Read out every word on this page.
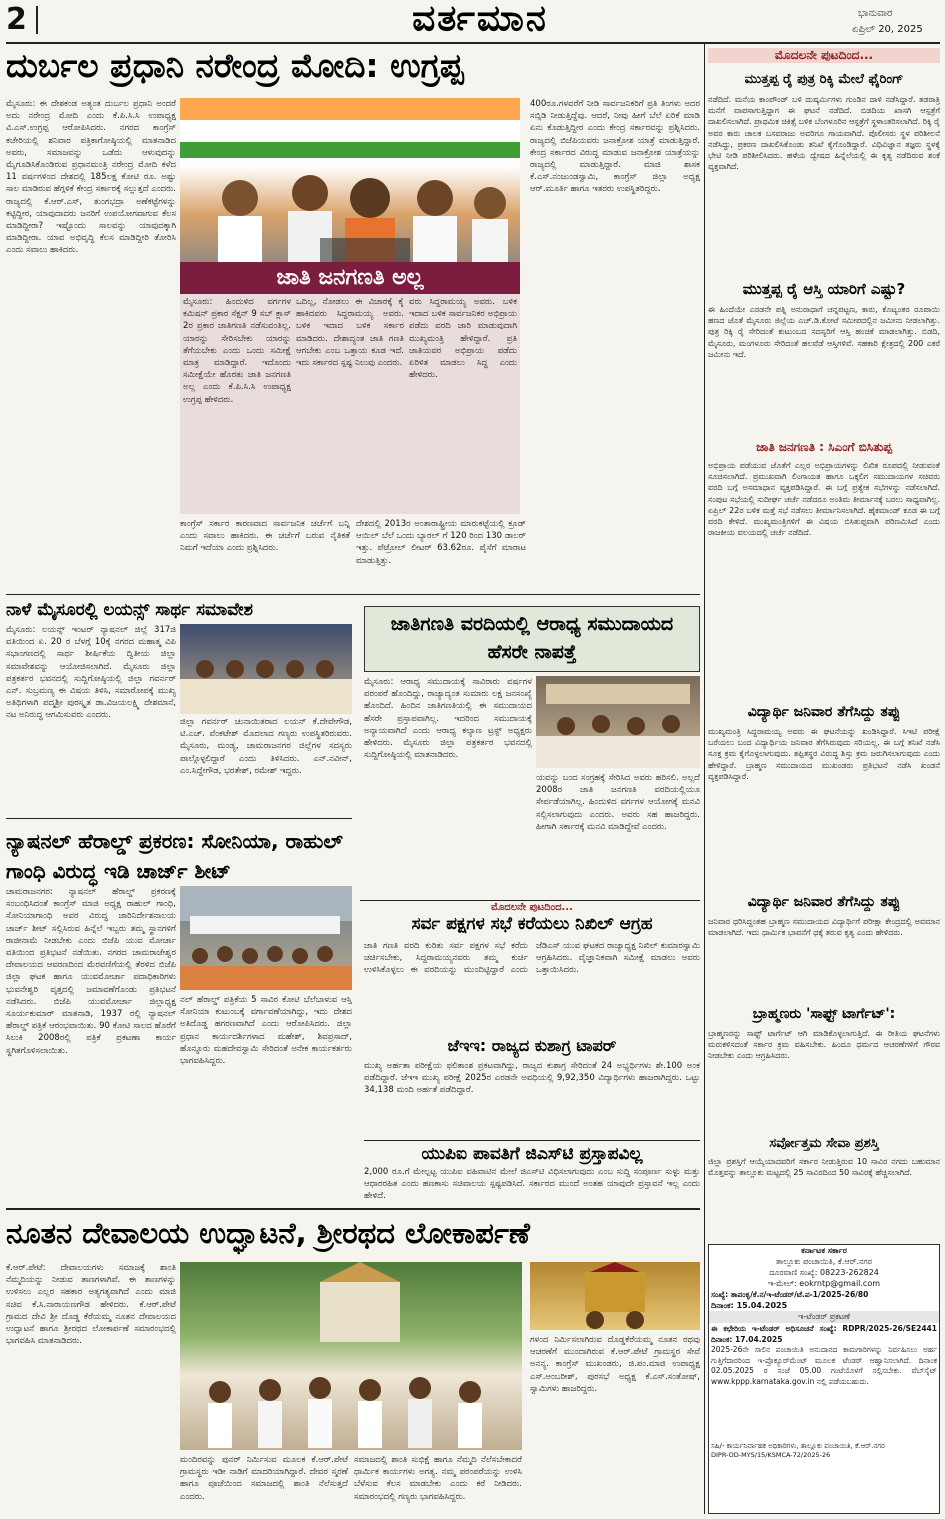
2	ವರ್ತಮಾನ	ಭಾನುವಾರ
ಏಪ್ರಿಲ್ 20, 2025
ದುರ್ಬಲ ಪ್ರಧಾನಿ ನರೇಂದ್ರ ಮೋದಿ: ಉಗ್ರಪ್ಪ
ಮೈಸೂರು: ಈ ದೇಶಕಂಡ ಅತ್ಯಂತ ದುರ್ಬಲ ಪ್ರಧಾನಿ ಅಂದರೆ ಅದು ನರೇಂದ್ರ ಮೋದಿ ಎಂದು ಕೆ.ಪಿ.ಸಿ.ಸಿ ಉಪಾಧ್ಯಕ್ಷ ವಿ.ಎಸ್.ಉಗ್ರಪ್ಪ ಆರೋಪಿಸಿದರು. ನಗರದ ಕಾಂಗ್ರೆಸ್ ಕಚೇರಿಯಲ್ಲಿ ಶನಿವಾರ ಪತ್ರಿಕಾಗೋಷ್ಠಿಯಲ್ಲಿ ಮಾತನಾಡಿದ ಅವರು, ಸಮಾಜವನ್ನು ಒಡೆದು ಆಳುವುದನ್ನು ಮೈಗೂಡಿಸಿಕೊಂಡಿರುವ ಪ್ರಧಾನಮಂತ್ರಿ ನರೇಂದ್ರ ಮೋದಿ ಕಳೆದ 11 ವರ್ಷಗಳಿಂದ ದೇಶದಲ್ಲಿ 185ಲಕ್ಷ ಕೋಟಿ ರೂ. ಅಷ್ಟು ಸಾಲ ಮಾಡಿರುವ ಹೆಗ್ಗಳಿಕೆ ಕೇಂದ್ರ ಸರ್ಕಾರಕ್ಕೆ ಸಲ್ಲುತ್ತದೆ ಎಂದರು. ರಾಜ್ಯದಲ್ಲಿ ಕೆ.ಆರ್.ಎಸ್, ತುಂಗಭದ್ರಾ ಅಣೆಕಟ್ಟೆಗಳನ್ನು ಕಟ್ಟಿದ್ದೀರ, ಯಾವುದಾದರು ಜನರಿಗೆ ಉಪಯೋಗವಾಗುವ ಕೆಲಸ ಮಾಡಿದ್ದೀರಾ? ಇಷ್ಟೊಂದು ಸಾಲವನ್ನು ಯಾವುದಕ್ಕಾಗಿ ಮಾಡಿದ್ದೀರಾ. ಯಾವ ಅಭಿವೃದ್ಧಿ ಕೆಲಸ ಮಾಡಿದ್ದೀರಿ ತೋರಿಸಿ ಎಂದು ಸವಾಲು ಹಾಕಿದರು.
ಜಾತಿ ಜನಗಣತಿ ಅಲ್ಲ
ಮೈಸೂರು: ಹಿಂದುಳಿದ ವರ್ಗಗಳ ಕಮಿಷನ್ ಪ್ರಕಾರ ಸೆಕ್ಷನ್ 9 ಸಬ್ ಕ್ಲಾಸ್ 2ರ ಪ್ರಕಾರ ಜಾತಿಗಣತಿ ನಡೆಸುವಂತಿಲ್ಲ. ಯಾರನ್ನು ಸೇರಿಸಬೇಕು ಯಾರನ್ನು ತೆಗೆಯಬೇಕು ಎಂದು ಒಂದು ಸಮೀಕ್ಷೆ ಮಾತ್ರ ಮಾಡಿದ್ದಾರೆ. ಇದೊಂದು ಸಮೀಕ್ಷೆಯೇ ಹೊರತು ಜಾತಿ ಜನಗಣತಿ ಅಲ್ಲ ಎಂದು ಕೆ.ಪಿ.ಸಿ.ಸಿ ಉಪಾಧ್ಯಕ್ಷ ಉಗ್ರಪ್ಪ ಹೇಳಿದರು.
ಒದಿಲ್ಲ, ನೋಡಲು ಈ ವಿಚಾರಕ್ಕೆ ಕೈ ಹಾಕಿದವರು ಸಿದ್ದರಾಮಯ್ಯ ಅವರು. ಬಳಿಕ ಇದಾದ ಬಳಿಕ ಸರ್ಕಾರ ಮಾಡಿದರು. ದೇಶಾದ್ಯಂತ ಜಾತಿ ಗಣತಿ ಆಗಬೇಕು ಎಂಬ ಒತ್ತಾಯ ಕೂಡ ಇದೆ. ಇದು ಸರ್ಕಾರದ ಸ್ಪಷ್ಟ ನಿಲುವು ಎಂದರು.
ವರು ಸಿದ್ದರಾಮಯ್ಯ ಅವರು. ಬಳಿಕ ಇದಾದ ಬಳಿಕ ಸಾರ್ವಜನಿಕರ ಅಭಿಪ್ರಾಯ ಪಡೆದು ವರದಿ ಜಾರಿ ಮಾಡುವುದಾಗಿ ಮುಖ್ಯಮಂತ್ರಿ ಹೇಳಿದ್ದಾರೆ. ಪ್ರತಿ ಜಾತಿಯವರ ಅಭಿಪ್ರಾಯ ಪಡೆದು ಏರಿಳಿತ ಮಾಡಲು ಸಿದ್ಧ ಎಂದು ಹೇಳಿದರು.
ಕಾಂಗ್ರೆಸ್ ಸರ್ಕಾರ ಕಾರಣವಾದ ಸಾರ್ವಜನಿಕ ಚರ್ಚೆಗೆ ಬನ್ನಿ ಎಂದು ಸವಾಲು ಹಾಕಿದರು. ಈ ಚರ್ಚೆಗೆ ಬರುವ ನೈತಿಕತೆ ನಿಮಗೆ ಇದೆಯಾ ಎಂದು ಪ್ರಶ್ನಿಸಿದರು.
ದೇಶದಲ್ಲಿ 2013ರ ಅಂತಾರಾಷ್ಟ್ರೀಯ ಮಾರುಕಟ್ಟೆಯಲ್ಲಿ ಕ್ರೂಡ್ ಆಯಿಲ್ ಬೆಲೆ ಒಂದು ಬ್ಯಾರಲ್ ಗೆ 120 ರಿಂದ 130 ಡಾಲರ್ ಇತ್ತು. ಪೆಟ್ರೋಲ್ ಲೀಟರ್ 63.62ರೂ. ಪೈಸೆಗೆ ಮಾರಾಟ ಮಾಡುತ್ತಿತ್ತು.
400ರೂ.ಗಳವರೆಗೆ ನೀಡಿ ಸಾರ್ವಜನಿಕರಿಗೆ ಪ್ರತಿ ತಿಂಗಳು ಅದರ ಸಬ್ಸಿಡಿ ನೀಡುತ್ತಿದ್ದೆವು. ಆದರೆ, ನೀವು ಹೀಗೆ ಬೆಲೆ ಏರಿಕೆ ಮಾಡಿ ಏನು ಕೊಡುತ್ತಿದ್ದೀರ ಎಂದು ಕೇಂದ್ರ ಸರ್ಕಾರವನ್ನು ಪ್ರಶ್ನಿಸಿದರು. ರಾಜ್ಯದಲ್ಲಿ ಬಿಜೆಪಿಯವರು ಜನಾಕ್ರೋಶ ಯಾತ್ರೆ ಮಾಡುತ್ತಿದ್ದಾರೆ. ಕೇಂದ್ರ ಸರ್ಕಾರದ ವಿರುದ್ಧ ಮಾಡುವ ಜನಾಕ್ರೋಶ ಯಾತ್ರೆಯನ್ನು ರಾಜ್ಯದಲ್ಲಿ ಮಾಡುತ್ತಿದ್ದಾರೆ. ಮಾಜಿ ಶಾಸಕ ಕೆ.ಎಸ್.ನಂಜುಂಡಸ್ವಾಮಿ, ಕಾಂಗ್ರೆಸ್ ಜಿಲ್ಲಾ ಅಧ್ಯಕ್ಷ ಆರ್.ಮೂರ್ತಿ ಹಾಗೂ ಇತರರು ಉಪಸ್ಥಿತರಿದ್ದರು.
ನಾಳೆ ಮೈಸೂರಲ್ಲಿ ಲಯನ್ಸ್ ಸಾರ್ಥ ಸಮಾವೇಶ
ಮೈಸೂರು: ಲಯನ್ಸ್ ಇಂಟರ್ ನ್ಯಾಷನಲ್ ಜಿಲ್ಲೆ 317ಜಿ ವತಿಯಿಂದ ಏ. 20 ರ ಬೆಳಗ್ಗೆ 10ಕ್ಕೆ ನಗರದ ಮಹಾತ್ಮ ವಿಪಿ ಸಭಾಂಗಣದಲ್ಲಿ ಸಾರ್ಥ ಶೀರ್ಷಿಕೆಯ ದ್ವಿತೀಯ ಜಿಲ್ಲಾ ಸಮಾವೇಶವನ್ನು ಆಯೋಜಿಸಲಾಗಿದೆ. ಮೈಸೂರು ಜಿಲ್ಲಾ ಪತ್ರಕರ್ತರ ಭವನದಲ್ಲಿ ಸುದ್ದಿಗೋಷ್ಠಿಯಲ್ಲಿ ಜಿಲ್ಲಾ ಗವರ್ನರ್ ಎನ್. ಸುಬ್ರಮಣ್ಯ ಈ ವಿಷಯ ತಿಳಿಸಿ, ಸಮಾರೋಪಕ್ಕೆ ಮುಖ್ಯ ಅತಿಥಿಗಳಾಗಿ ಪದ್ಮಶ್ರೀ ಪುರಸ್ಕೃತ ಡಾ.ವಿಜಯಲಕ್ಷ್ಮಿ ದೇಶಮಾನೆ, ನಟ ಅನಿರುದ್ಧ ಆಗಮಿಸುವರು ಎಂದರು.
ಜಿಲ್ಲಾ ಗವರ್ನರ್ ಚುನಾಯಿತರಾದ ಲಯನ್ ಕೆ.ದೇವೇಗೌಡ, ಟಿ.ಎಚ್. ವೆಂಕಟೇಶ್ ಮೊದಲಾದ ಗಣ್ಯರು ಉಪಸ್ಥಿತರಿರುವರು. ಮೈಸೂರು, ಮಂಡ್ಯ, ಚಾಮರಾಜನಗರ ಜಿಲ್ಲೆಗಳ ಸದಸ್ಯರು ಪಾಲ್ಗೊಳ್ಳಲಿದ್ದಾರೆ ಎಂದು ತಿಳಿಸಿದರು. ಎನ್.ನವೀನ್, ಎಂ.ಸಿದ್ದೇಗೌಡ, ಭರತೇಶ್, ರಮೇಶ್ ಇದ್ದರು.
ಜಾತಿಗಣತಿ ವರದಿಯಲ್ಲಿ ಆರಾಧ್ಯ ಸಮುದಾಯದ ಹೆಸರೇ ನಾಪತ್ತೆ
ಮೈಸೂರು: ಆರಾಧ್ಯ ಸಮುದಾಯಕ್ಕೆ ಸಾವಿರಾರು ವರ್ಷಗಳ ಪರಂಪರೆ ಹೊಂದಿದ್ದು, ರಾಜ್ಯಾದ್ಯಂತ ಸುಮಾರು ಲಕ್ಷ ಜನಸಂಖ್ಯೆ ಹೊಂದಿದೆ. ಹಿಂದಿನ ಜಾತಿಗಣತಿಯಲ್ಲಿ ಈ ಸಮುದಾಯದ ಹೆಸರೇ ಪ್ರಸ್ತಾಪವಾಗಿಲ್ಲ. ಇದರಿಂದ ಸಮುದಾಯಕ್ಕೆ ಅನ್ಯಾಯವಾಗಿದೆ ಎಂದು ಆರಾಧ್ಯ ಕಲ್ಯಾಣ ಟ್ರಸ್ಟ್ ಅಧ್ಯಕ್ಷರು ಹೇಳಿದರು. ಮೈಸೂರು ಜಿಲ್ಲಾ ಪತ್ರಕರ್ತರ ಭವನದಲ್ಲಿ ಸುದ್ದಿಗೋಷ್ಠಿಯಲ್ಲಿ ಮಾತನಾಡಿದರು.
ಯವನ್ನು ಬಂದ ಸಂಗ್ರಹಕ್ಕೆ ಸೇರಿಸಿದ ಅವರು ಹರಿಸಲಿ. ಅಲ್ಲದೆ 2008ರ ಜಾತಿ ಜನಗಣತಿ ವರದಿಯಲ್ಲಿಯೂ ಸೇರ್ಪಡೆಯಾಗಿಲ್ಲ. ಹಿಂದುಳಿದ ವರ್ಗಗಳ ಆಯೋಗಕ್ಕೆ ಮನವಿ ಸಲ್ಲಿಸಲಾಗುವುದು ಎಂದರು. ಅವರು ಸಹ ಹಾಜರಿದ್ದರು. ಹೀಗಾಗಿ ಸರ್ಕಾರಕ್ಕೆ ಮನವಿ ಮಾಡಿದ್ದೇವೆ ಎಂದರು.
ನ್ಯಾಷನಲ್ ಹೆರಾಲ್ಡ್ ಪ್ರಕರಣ: ಸೋನಿಯಾ, ರಾಹುಲ್ ಗಾಂಧಿ ವಿರುದ್ಧ ಇಡಿ ಚಾರ್ಜ್ ಶೀಟ್
ಚಾಮರಾಜನಗರ: ನ್ಯಾಷನಲ್ ಹೆರಾಲ್ಡ್ ಪ್ರಕರಣಕ್ಕೆ ಸಂಬಂಧಿಸಿದಂತೆ ಕಾಂಗ್ರೆಸ್ ಮಾಜಿ ಅಧ್ಯಕ್ಷ ರಾಹುಲ್ ಗಾಂಧಿ, ಸೋನಿಯಾಗಾಂಧಿ ಅವರ ವಿರುದ್ಧ ಜಾರಿನಿರ್ದೇಶನಾಲಯ ಚಾರ್ಜ್ ಶೀಟ್ ಸಲ್ಲಿಸಿರುವ ಹಿನ್ನೆಲೆ ಇಬ್ಬರು ತಮ್ಮ ಸ್ಥಾನಗಳಿಗೆ ರಾಜೀನಾಮೆ ನೀಡಬೇಕು ಎಂದು ಬಿಜೆಪಿ ಯುವ ಮೋರ್ಚಾ ವತಿಯಿಂದ ಪ್ರತಿಭಟನೆ ನಡೆಯಿತು. ನಗರದ ಚಾಮರಾಜೇಶ್ವರ ದೇವಾಲಯದ ಆವರಣದಿಂದ ಮೆರವಣಿಗೆಯಲ್ಲಿ ತೆರಳಿದ ಬಿಜೆಪಿ ಜಿಲ್ಲಾ ಘಟಕ ಹಾಗೂ ಯುವಮೋರ್ಚಾ ಪದಾಧಿಕಾರಿಗಳು ಭುವನೇಶ್ವರಿ ವೃತ್ತದಲ್ಲಿ ಜಮಾವಣೆಗೊಂಡು ಪ್ರತಿಭಟನೆ ನಡೆಸಿದರು. ಬಿಜೆಪಿ ಯುವಮೋರ್ಚಾ ಜಿಲ್ಲಾಧ್ಯಕ್ಷ ಸೂರ್ಯಕುಮಾರ್ ಮಾತನಾಡಿ, 1937 ರಲ್ಲಿ ನ್ಯಾಷನಲ್ ಹೆರಾಲ್ಡ್ ಪತ್ರಿಕೆ ಆರಂಭವಾಯಿತು. 90 ಕೋಟಿ ಸಾಲದ ಹೊರೆಗೆ ಸಿಲುಕಿ 2008ರಲ್ಲಿ ಪತ್ರಿಕೆ ಪ್ರಕಟಣಾ ಕಾರ್ಯ ಸ್ಥಗಿತಗೊಳಿಸಲಾಯಿತು.
ನಲ್ ಹೆರಾಲ್ಡ್ ಪತ್ರಿಕೆಯ 5 ಸಾವಿರ ಕೋಟಿ ಬೆಲೆಬಾಳುವ ಆಸ್ತಿ ಸೋನಿಯಾ ಕುಟುಂಬಕ್ಕೆ ವರ್ಗಾವಣೆಯಾಗಿದ್ದು, ಇದು ದೇಶದ ಅತಿದೊಡ್ಡ ಹಗರಣವಾಗಿದೆ ಎಂದು ಆರೋಪಿಸಿದರು. ಜಿಲ್ಲಾ ಪ್ರಧಾನ ಕಾರ್ಯದರ್ಶಿಗಳಾದ ಮಹೇಶ್, ಶಿವಪ್ರಸಾದ್, ಹೊನ್ನೂರು ಮಹದೇವಸ್ವಾಮಿ ಸೇರಿದಂತೆ ಅನೇಕ ಕಾರ್ಯಕರ್ತರು ಭಾಗವಹಿಸಿದ್ದರು.
ಮೊದಲನೇ ಪುಟದಿಂದ...
ಸರ್ವ ಪಕ್ಷಗಳ ಸಭೆ ಕರೆಯಲು ನಿಖಿಲ್ ಆಗ್ರಹ
ಜಾತಿ ಗಣತಿ ವರದಿ ಕುರಿತು ಸರ್ವ ಪಕ್ಷಗಳ ಸಭೆ ಕರೆದು ಚರ್ಚಿಸಬೇಕು, ಸಿದ್ದರಾಮಯ್ಯನವರು ತಮ್ಮ ಕುರ್ಚಿ ಉಳಿಸಿಕೊಳ್ಳಲು ಈ ವರದಿಯನ್ನು ಮುಂದಿಟ್ಟಿದ್ದಾರೆ ಎಂದು ಜೆಡಿಎಸ್ ಯುವ ಘಟಕದ ರಾಜ್ಯಾಧ್ಯಕ್ಷ ನಿಖಿಲ್ ಕುಮಾರಸ್ವಾಮಿ ಆಗ್ರಹಿಸಿದರು. ವೈಜ್ಞಾನಿಕವಾಗಿ ಸಮೀಕ್ಷೆ ಮಾಡಲು ಅವರು ಒತ್ತಾಯಿಸಿದರು.
ಜೆಇಇ: ರಾಜ್ಯದ ಕುಶಾಗ್ರ ಟಾಪರ್
ಮುಖ್ಯ ಅರ್ಹತಾ ಪರೀಕ್ಷೆಯ ಫಲಿತಾಂಶ ಪ್ರಕಟವಾಗಿದ್ದು, ರಾಜ್ಯದ ಕುಶಾಗ್ರ ಸೇರಿದಂತೆ 24 ಅಭ್ಯರ್ಥಿಗಳು ಶೇ.100 ಅಂಕ ಪಡೆದಿದ್ದಾರೆ. ಜೆಇಇ ಮುಖ್ಯ ಪರೀಕ್ಷೆ 2025ರ ಎರಡನೇ ಅವಧಿಯಲ್ಲಿ 9,92,350 ವಿದ್ಯಾರ್ಥಿಗಳು ಹಾಜರಾಗಿದ್ದರು. ಒಟ್ಟು 34,138 ಮಂದಿ ಅರ್ಹತೆ ಪಡೆದಿದ್ದಾರೆ.
ಯುಪಿಐ ಪಾವತಿಗೆ ಜಿಎಸ್‌ಟಿ ಪ್ರಸ್ತಾಪವಿಲ್ಲ
2,000 ರೂ.ಗೆ ಮೇಲ್ಪಟ್ಟ ಯುಪಿಐ ವಹಿವಾಟಿನ ಮೇಲೆ ಜಿಎಸ್‌ಟಿ ವಿಧಿಸಲಾಗುವುದು ಎಂಬ ಸುದ್ದಿ ಸಂಪೂರ್ಣ ಸುಳ್ಳು ಮತ್ತು ಆಧಾರರಹಿತ ಎಂದು ಹಣಕಾಸು ಸಚಿವಾಲಯ ಸ್ಪಷ್ಟಪಡಿಸಿದೆ. ಸರ್ಕಾರದ ಮುಂದೆ ಅಂತಹ ಯಾವುದೇ ಪ್ರಸ್ತಾವನೆ ಇಲ್ಲ ಎಂದು ಹೇಳಿದೆ.
ನೂತನ ದೇವಾಲಯ ಉದ್ಘಾಟನೆ, ಶ್ರೀರಥದ ಲೋಕಾರ್ಪಣೆ
ಕೆ.ಆರ್.ಪೇಟೆ: ದೇವಾಲಯಗಳು ಸಮಾಜಕ್ಕೆ ಶಾಂತಿ ನೆಮ್ಮದಿಯನ್ನು ನೀಡುವ ತಾಣಗಳಾಗಿವೆ. ಈ ತಾಣಗಳನ್ನು ಉಳಿಸಲು ಎಲ್ಲರ ಸಹಕಾರ ಅತ್ಯಗತ್ಯವಾಗಿದೆ ಎಂದು ಮಾಜಿ ಸಚಿವ ಕೆ.ಸಿ.ನಾರಾಯಣಗೌಡ ಹೇಳಿದರು. ಕೆ.ಆರ್.ಪೇಟೆ ಗ್ರಾಮದ ದೇವಿ ಶ್ರೀ ದೊಡ್ಡ ಕೆರೆಯಮ್ಮ ನೂತನ ದೇವಾಲಯದ ಉದ್ಘಾಟನೆ ಹಾಗೂ ಶ್ರೀರಥದ ಲೋಕಾರ್ಪಣೆ ಸಮಾರಂಭದಲ್ಲಿ ಭಾಗವಹಿಸಿ ಮಾತನಾಡಿದರು.
ಮಂದಿರವನ್ನು ಪುನರ್ ನಿರ್ಮಿಸುವ ಮೂಲಕ ಕೆ.ಆರ್.ಪೇಟೆ ಗ್ರಾಮಸ್ಥರು ಇಡೀ ನಾಡಿಗೆ ಮಾದರಿಯಾಗಿದ್ದಾರೆ. ದೇವರ ಸ್ಮರಣೆ ಹಾಗೂ ಪೂಜೆಯಿಂದ ಸಮಾಜದಲ್ಲಿ ಶಾಂತಿ ನೆಲೆಸುತ್ತದೆ ಎಂದರು.
ಸಮಾಜದಲ್ಲಿ ಶಾಂತಿ ಸುಭಿಕ್ಷೆ ಹಾಗೂ ನೆಮ್ಮದಿ ನೆಲೆಸಬೇಕಾದರೆ ಧಾರ್ಮಿಕ ಕಾರ್ಯಗಳು ಅಗತ್ಯ. ನಮ್ಮ ಪರಂಪರೆಯನ್ನು ಉಳಿಸಿ ಬೆಳೆಸುವ ಕೆಲಸ ಮಾಡಬೇಕು ಎಂದು ಕರೆ ನೀಡಿದರು. ಸಮಾರಂಭದಲ್ಲಿ ಗಣ್ಯರು ಭಾಗವಹಿಸಿದ್ದರು.
ಗಳಂದ ನಿರ್ಮಿಸಲಾಗಿರುವ ದೊಡ್ಡಕೆರೆಯಮ್ಮ ನೂತನ ರಥವು ಆಚರಣೆಗೆ ಮುಂದಾಗಿರುವ ಕೆ.ಆರ್.ಪೇಟೆ ಗ್ರಾಮಸ್ಥರ ಸೇವೆ ಅನನ್ಯ. ಕಾಂಗ್ರೆಸ್ ಮುಖಂಡರು, ಜಿ.ಪಂ.ಮಾಜಿ ಉಪಾಧ್ಯಕ್ಷ ಎಸ್.ಅಂಬರೀಶ್, ಪುರಸಭೆ ಅಧ್ಯಕ್ಷ ಕೆ.ಎಸ್.ಸಂತೋಷ್, ಸ್ವಾಮಿಗಳು ಹಾಜರಿದ್ದರು.
ಮೊದಲನೇ ಪುಟದಿಂದ...
ಮುತ್ತಪ್ಪ ರೈ ಪುತ್ರ ರಿಕ್ಕಿ ಮೇಲೆ ಫೈರಿಂಗ್
ನಡೆದಿದೆ. ಮನೆಯ ಕಾಂಪೌಂಡ್ ಬಳಿ ದುಷ್ಕರ್ಮಿಗಳು ಗುಂಡಿನ ದಾಳಿ ನಡೆಸಿದ್ದಾರೆ. ತಡರಾತ್ರಿ ಮನೆಗೆ ವಾಪಸಾಗುತ್ತಿದ್ದಾಗ ಈ ಘಟನೆ ನಡೆದಿದೆ. ಬಿಡದಿಯ ಖಾಸಗಿ ಆಸ್ಪತ್ರೆಗೆ ದಾಖಲಿಸಲಾಗಿದೆ. ಪ್ರಾಥಮಿಕ ಚಿಕಿತ್ಸೆ ಬಳಿಕ ಬೆಂಗಳೂರಿನ ಆಸ್ಪತ್ರೆಗೆ ಸ್ಥಳಾಂತರಿಸಲಾಗಿದೆ. ರಿಕ್ಕಿ ರೈ ಅವರ ಕಾರು ಚಾಲಕ ಬಸವರಾಜು ಅವರಿಗೂ ಗಾಯವಾಗಿದೆ. ಪೊಲೀಸರು ಸ್ಥಳ ಪರಿಶೀಲನೆ ನಡೆಸಿದ್ದು, ಪ್ರಕರಣ ದಾಖಲಿಸಿಕೊಂಡು ತನಿಖೆ ಕೈಗೊಂಡಿದ್ದಾರೆ. ವಿಧಿವಿಜ್ಞಾನ ತಜ್ಞರು ಸ್ಥಳಕ್ಕೆ ಭೇಟಿ ನೀಡಿ ಪರಿಶೀಲಿಸಿದರು. ಹಳೆಯ ದ್ವೇಷದ ಹಿನ್ನೆಲೆಯಲ್ಲಿ ಈ ಕೃತ್ಯ ನಡೆದಿರುವ ಶಂಕೆ ವ್ಯಕ್ತವಾಗಿದೆ.
ಮುತ್ತಪ್ಪ ರೈ ಆಸ್ತಿ ಯಾರಿಗೆ ಎಷ್ಟು?
ಈ ಹಿಂದೆಯೇ ಎರಡನೇ ಪತ್ನಿ ಅನುರಾಧಾಗೆ ಚನ್ನಪಟ್ಟಣ, ಕಾರು, ಕೊಟ್ಯಂತರ ರೂಪಾಯಿ ಹಣದ ಜೊತೆ ಮೈಸೂರು ಜಿಲ್ಲೆಯ ಎಚ್.ಡಿ.ಕೋಟೆ ಸಮೀಪದಲ್ಲಿನ ಜಮೀನು ನೀಡಲಾಗಿತ್ತು. ಪುತ್ರ ರಿಕ್ಕಿ ರೈ ಸೇರಿದಂತೆ ಕುಟುಂಬದ ಸದಸ್ಯರಿಗೆ ಆಸ್ತಿ ಹಂಚಿಕೆ ಮಾಡಲಾಗಿತ್ತು. ಬಿಡದಿ, ಮೈಸೂರು, ಮಂಗಳೂರು ಸೇರಿದಂತೆ ಹಲವೆಡೆ ಆಸ್ತಿಗಳಿವೆ. ಸಹಕಾರಿ ಕ್ಷೇತ್ರದಲ್ಲಿ 200 ಎಕರೆ ಜಮೀನು ಇದೆ.
ಜಾತಿ ಜನಗಣತಿ : ಸಿಎಂಗೆ ಬಿಸಿತುಪ್ಪ
ಅಭಿಪ್ರಾಯ ಪಡೆಯುವ ಜೊತೆಗೆ ಎಲ್ಲರ ಅಭಿಪ್ರಾಯಗಳನ್ನು ಲಿಖಿತ ರೂಪದಲ್ಲಿ ನೀಡುವಂತೆ ಸೂಚಿಸಲಾಗಿದೆ. ಪ್ರಮುಖವಾಗಿ ಲಿಂಗಾಯತ ಹಾಗೂ ಒಕ್ಕಲಿಗ ಸಮುದಾಯಗಳ ಸಚಿವರು ವರದಿ ಬಗ್ಗೆ ಅಸಮಾಧಾನ ವ್ಯಕ್ತಪಡಿಸಿದ್ದಾರೆ. ಈ ಬಗ್ಗೆ ಪ್ರತ್ಯೇಕ ಸಭೆಗಳನ್ನು ನಡೆಸಲಾಗಿದೆ. ಸಂಪುಟ ಸಭೆಯಲ್ಲಿ ಸುದೀರ್ಘ ಚರ್ಚೆ ನಡೆದರೂ ಅಂತಿಮ ತೀರ್ಮಾನಕ್ಕೆ ಬರಲು ಸಾಧ್ಯವಾಗಿಲ್ಲ. ಏಪ್ರಿಲ್ 22ರ ಬಳಿಕ ಮತ್ತೆ ಸಭೆ ನಡೆಸಲು ತೀರ್ಮಾನಿಸಲಾಗಿದೆ. ಹೈಕಮಾಂಡ್ ಕೂಡ ಈ ಬಗ್ಗೆ ವರದಿ ಕೇಳಿದೆ. ಮುಖ್ಯಮಂತ್ರಿಗಳಿಗೆ ಈ ವಿಷಯ ಬಿಸಿತುಪ್ಪವಾಗಿ ಪರಿಣಮಿಸಿದೆ ಎಂದು ರಾಜಕೀಯ ವಲಯದಲ್ಲಿ ಚರ್ಚೆ ನಡೆದಿದೆ.
ವಿದ್ಯಾರ್ಥಿ ಜನಿವಾರ ತೆಗೆಸಿದ್ದು ತಪ್ಪು
ಮುಖ್ಯಮಂತ್ರಿ ಸಿದ್ದರಾಮಯ್ಯ ಅವರು ಈ ಘಟನೆಯನ್ನು ಖಂಡಿಸಿದ್ದಾರೆ. ಸಿಇಟಿ ಪರೀಕ್ಷೆ ಬರೆಯಲು ಬಂದ ವಿದ್ಯಾರ್ಥಿಯ ಜನಿವಾರ ತೆಗೆಸಿರುವುದು ಸರಿಯಲ್ಲ. ಈ ಬಗ್ಗೆ ತನಿಖೆ ನಡೆಸಿ ಸೂಕ್ತ ಕ್ರಮ ಕೈಗೊಳ್ಳಲಾಗುವುದು. ತಪ್ಪಿತಸ್ಥರ ವಿರುದ್ಧ ಶಿಸ್ತು ಕ್ರಮ ಜರುಗಿಸಲಾಗುವುದು ಎಂದು ಹೇಳಿದ್ದಾರೆ. ಬ್ರಾಹ್ಮಣ ಸಮುದಾಯದ ಮುಖಂಡರು ಪ್ರತಿಭಟನೆ ನಡೆಸಿ ಖಂಡನೆ ವ್ಯಕ್ತಪಡಿಸಿದ್ದಾರೆ.
ವಿದ್ಯಾರ್ಥಿ ಜನಿವಾರ ತೆಗೆಸಿದ್ದು ತಪ್ಪು
ಜನಿವಾರ ಧರಿಸಿದ್ದಂತಹ ಬ್ರಾಹ್ಮಣ ಸಮುದಾಯದ ವಿದ್ಯಾರ್ಥಿಗೆ ಪರೀಕ್ಷಾ ಕೇಂದ್ರದಲ್ಲಿ ಅವಮಾನ ಮಾಡಲಾಗಿದೆ. ಇದು ಧಾರ್ಮಿಕ ಭಾವನೆಗೆ ಧಕ್ಕೆ ತರುವ ಕೃತ್ಯ ಎಂದು ಹೇಳಿದರು.
ಬ್ರಾಹ್ಮಣರು 'ಸಾಫ್ಟ್ ಟಾರ್ಗೆಟ್':
ಬ್ರಾಹ್ಮಣರನ್ನು ಸಾಫ್ಟ್ ಟಾರ್ಗೆಟ್ ಆಗಿ ಮಾಡಿಕೊಳ್ಳಲಾಗುತ್ತಿದೆ. ಈ ರೀತಿಯ ಘಟನೆಗಳು ಮರುಕಳಿಸದಂತೆ ಸರ್ಕಾರ ಕ್ರಮ ವಹಿಸಬೇಕು. ಹಿಂದೂ ಧರ್ಮದ ಆಚರಣೆಗಳಿಗೆ ಗೌರವ ನೀಡಬೇಕು ಎಂದು ಆಗ್ರಹಿಸಿದರು.
ಸರ್ವೋತ್ತಮ ಸೇವಾ ಪ್ರಶಸ್ತಿ
ಜಿಲ್ಲಾ ಪ್ರಶಸ್ತಿಗೆ ಆಯ್ಕೆಯಾದವರಿಗೆ ಸರ್ಕಾರ ನೀಡುತ್ತಿರುವ 10 ಸಾವಿರ ನಗದು ಬಹುಮಾನ ಮೊತ್ತವನ್ನು ತಾಲ್ಲೂಕು ಮಟ್ಟದಲ್ಲಿ 25 ಸಾವಿರದಿಂದ 50 ಸಾವಿರಕ್ಕೆ ಹೆಚ್ಚಿಸಲಾಗಿದೆ.
ಕರ್ನಾಟಕ ಸರ್ಕಾರ
ತಾಲ್ಲೂಕು ಪಂಚಾಯಿತಿ, ಕೆ.ಆರ್.ನಗರ
ದೂರವಾಣಿ ಸಂಖ್ಯೆ: 08223-262824
ಇ-ಮೇಲ್: eokrntp@gmail.com
ಸಂಖ್ಯೆ: ತಾಪಂಕೃ/ಕೆ.ನ/ಇ-ಟೆಂಡರ್/ಟೆ.ಪ-1/2025-26/80
ದಿನಾಂಕ: 15.04.2025
ಇ-ಟೆಂಡರ್ ಪ್ರಕಟಣೆ
ಈ ಕಛೇರಿಯ ಇ-ಟೆಂಡರ್ ಅಧಿಸೂಚನೆ ಸಂಖ್ಯೆ: RDPR/2025-26/SE2441 ದಿನಾಂಕ: 17.04.2025
2025-26ನೇ ಸಾಲಿನ ಪಂಚಾಯಿತಿ ಅನುದಾನದ ಕಾಮಗಾರಿಗಳನ್ನು ನಿರ್ವಹಿಸಲು ಅರ್ಹ ಗುತ್ತಿಗೆದಾರರಿಂದ ಇ-ಪ್ರೊಕ್ಯೂರ್‌ಮೆಂಟ್ ಮೂಲಕ ಟೆಂಡರ್ ಆಹ್ವಾನಿಸಲಾಗಿದೆ. ದಿನಾಂಕ 02.05.2025 ರ ಸಂಜೆ 05.00 ಗಂಟೆಯೊಳಗೆ ಸಲ್ಲಿಸಬೇಕು. ವೆಬ್‌ಸೈಟ್ www.kppp.karnataka.gov.in ನಲ್ಲಿ ಪಡೆಯಬಹುದು.
ಸಹಿ/- ಕಾರ್ಯನಿರ್ವಾಹಕ ಅಧಿಕಾರಿಗಳು, ತಾಲ್ಲೂಕು ಪಂಚಾಯಿತಿ, ಕೆ.ಆರ್.ನಗರ
DIPR-OD-MYS/15/KSMCA-72/2025-26
